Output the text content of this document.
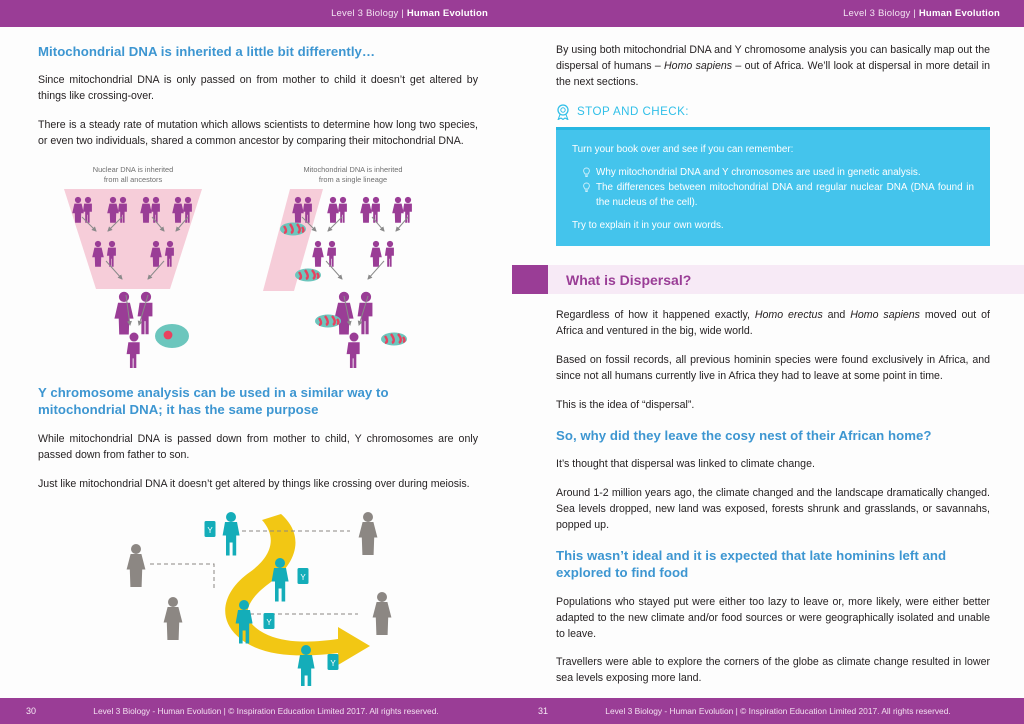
Level 3 Biology | Human Evolution
Mitochondrial DNA is inherited a little bit differently…

Since mitochondrial DNA is only passed on from mother to child it doesn’t get altered by things like crossing-over.

There is a steady rate of mutation which allows scientists to determine how long two species, or even two individuals, shared a common ancestor by comparing their mitochondrial DNA.

Nuclear DNA is inherited
from all ancestors
Mitochondrial DNA is inherited
from a single lineage
Y chromosome analysis can be used in a similar way to mitochondrial DNA; it has the same purpose

While mitochondrial DNA is passed down from mother to child, Y chromosomes are only passed down from father to son.

Just like mitochondrial DNA it doesn’t get altered by things like crossing over during meiosis.

Y
Y
Y
Y
30	Level 3 Biology - Human Evolution | © Inspiration Education Limited 2017. All rights reserved.
Level 3 Biology | Human Evolution

By using both mitochondrial DNA and Y chromosome analysis you can basically map out the dispersal of humans – Homo sapiens – out of Africa. We’ll look at dispersal in more detail in the next sections.

STOP AND CHECK:
Turn your book over and see if you can remember:
Why mitochondrial DNA and Y chromosomes are used in genetic analysis.
The differences between mitochondrial DNA and regular nuclear DNA (DNA found in the nucleus of the cell).
Try to explain it in your own words.
What is Dispersal?

Regardless of how it happened exactly, Homo erectus and Homo sapiens moved out of Africa and ventured in the big, wide world.

Based on fossil records, all previous hominin species were found exclusively in Africa, and since not all humans currently live in Africa they had to leave at some point in time.

This is the idea of “dispersal”.

So, why did they leave the cosy nest of their African home?

It’s thought that dispersal was linked to climate change.

Around 1-2 million years ago, the climate changed and the landscape dramatically changed. Sea levels dropped, new land was exposed, forests shrunk and grasslands, or savannahs, popped up.

This wasn’t ideal and it is expected that late hominins left and explored to find food

Populations who stayed put were either too lazy to leave or, more likely, were either better adapted to the new climate and/or food sources or were geographically isolated and unable to leave.

Travellers were able to explore the corners of the globe as climate change resulted in lower sea levels exposing more land.

31	Level 3 Biology - Human Evolution | © Inspiration Education Limited 2017. All rights reserved.
